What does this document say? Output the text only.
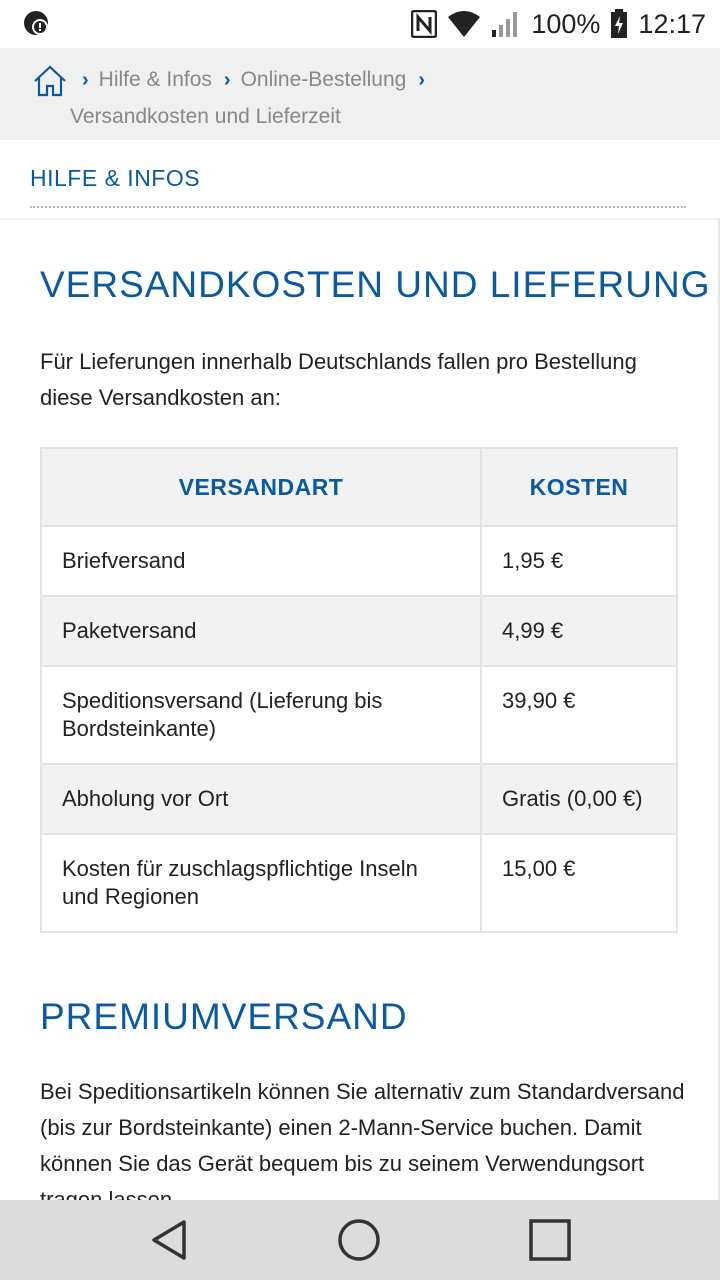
100% 12:17
› Hilfe & Infos › Online-Bestellung ›
Versandkosten und Lieferzeit
HILFE & INFOS
VERSANDKOSTEN UND LIEFERUNG
Für Lieferungen innerhalb Deutschlands fallen pro Bestellung diese Versandkosten an:
VERSANDART	KOSTEN
Briefversand	1,95 €
Paketversand	4,99 €
Speditionsversand (Lieferung bis Bordsteinkante)	39,90 €
Abholung vor Ort	Gratis (0,00 €)
Kosten für zuschlagspflichtige Inseln und Regionen	15,00 €
PREMIUMVERSAND
Bei Speditionsartikeln können Sie alternativ zum Standardversand (bis zur Bordsteinkante) einen 2-Mann-Service buchen. Damit können Sie das Gerät bequem bis zu seinem Verwendungsort
